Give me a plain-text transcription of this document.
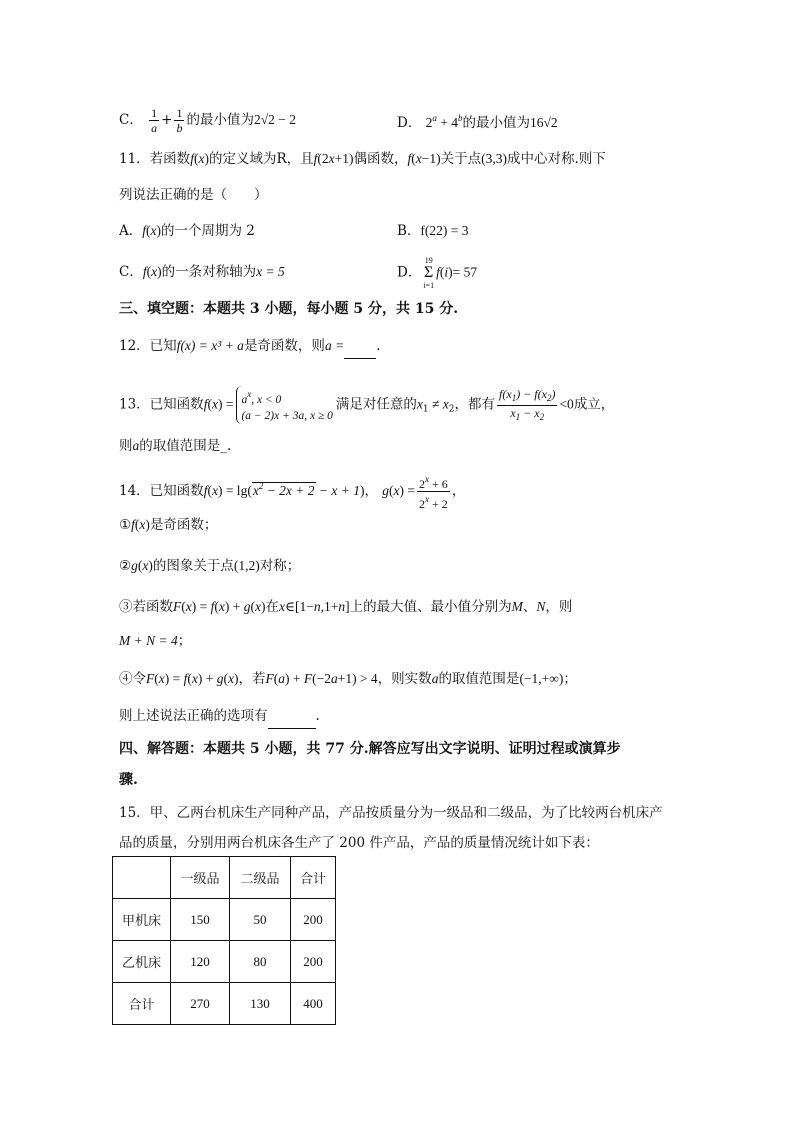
C． $\frac{1}{a} + \frac{1}{b}$ 的最小值为2√2 − 2	D． $2^a + 4^b$的最小值为16√2
11．若函数f(x)的定义域为R，且f(2x+1)偶函数，f(x−1)关于点(3,3)成中心对称.则下
列说法正确的是（　　）
A．f(x)的一个周期为 2	B．f(22) = 3
C．f(x)的一条对称轴为x = 5	D．19
Σ
i=1f(i)= 57
三、填空题：本题共 3 小题，每小题 5 分，共 15 分.
12．已知f(x) = x³ + a是奇函数，则a = .
13．已知函数$f(x) = a^x$, x < 0
(a − 2)x + 3a, x ≥ 0满足对任意的$x_1 \ne x_2$，都有 $\frac{f(x_1) - f(x_2)}{x_1 - x_2} <0$成立，
则a的取值范围是_.
14．已知函数$f(x) = \lg(x^2 - 2x + 2 - x + 1)$， $g(x) = \frac{2^x + 6}{2^x + 2}$ ，
①f(x)是奇函数；
②g(x)的图象关于点(1,2)对称；
③若函数F(x) = f(x) + g(x)在x∈[1−n,1+n]上的最大值、最小值分别为M、N，则
M + N = 4；
④令F(x) = f(x) + g(x)，若F(a) + F(−2a+1) > 4，则实数a的取值范围是(−1,+∞)；
则上述说法正确的选项有	.
四、解答题：本题共 5 小题，共 77 分.解答应写出文字说明、证明过程或演算步
骤.
15．甲、乙两台机床生产同种产品，产品按质量分为一级品和二级品，为了比较两台机床产
品的质量，分别用两台机床各生产了 200 件产品，产品的质量情况统计如下表：
	一级品	二级品	合计
甲机床	150	50	200
乙机床	120	80	200
合计	270	130	400
